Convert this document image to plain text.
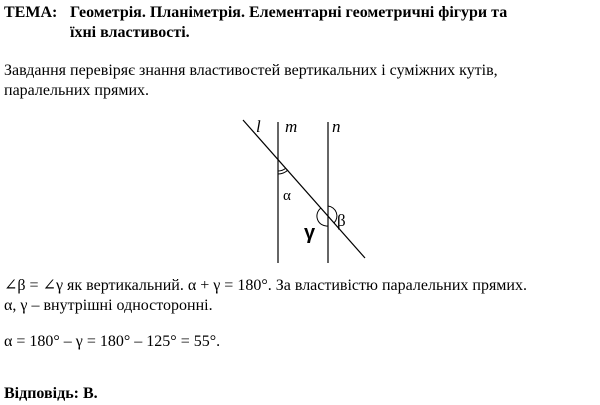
ТЕМА: Геометрія. Планіметрія. Елементарні геометричні фігури та
їхні властивості.
Завдання перевіряє знання властивостей вертикальних і суміжних кутів,
паралельних прямих.
l m n
α
β
γ
∠β = ∠γ як вертикальний. α + γ = 180°. За властивістю паралельних прямих.
α, γ – внутрішні односторонні.
α = 180° – γ = 180° – 125° = 55°.
Відповідь: В.
